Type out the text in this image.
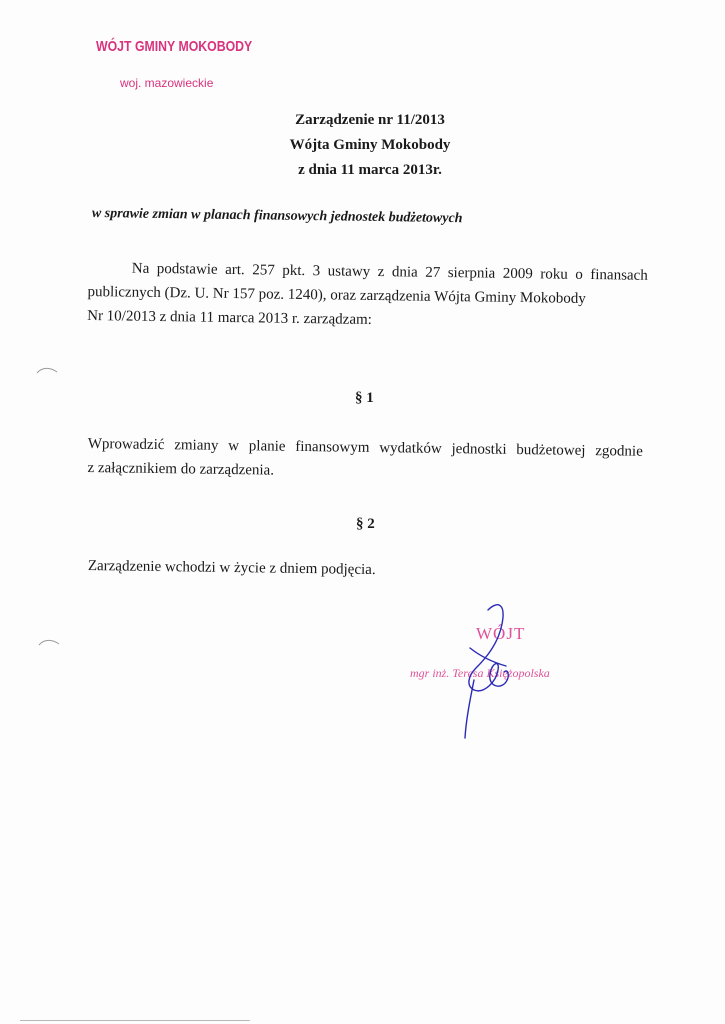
WÓJT GMINY MOKOBODY
woj. mazowieckie
Zarządzenie nr 11/2013
Wójta Gminy Mokobody
z dnia 11 marca 2013r.
w sprawie zmian w planach finansowych jednostek budżetowych
Na podstawie art. 257 pkt. 3 ustawy z dnia 27 sierpnia 2009 roku o finansach
publicznych (Dz. U. Nr 157 poz. 1240), oraz zarządzenia Wójta Gminy Mokobody
Nr 10/2013 z dnia 11 marca 2013 r. zarządzam:
§ 1
Wprowadzić zmiany w planie finansowym wydatków jednostki budżetowej zgodnie
z załącznikiem do zarządzenia.
§ 2
Zarządzenie wchodzi w życie z dniem podjęcia.
WÓJT
mgr inż. Teresa Księżopolska
